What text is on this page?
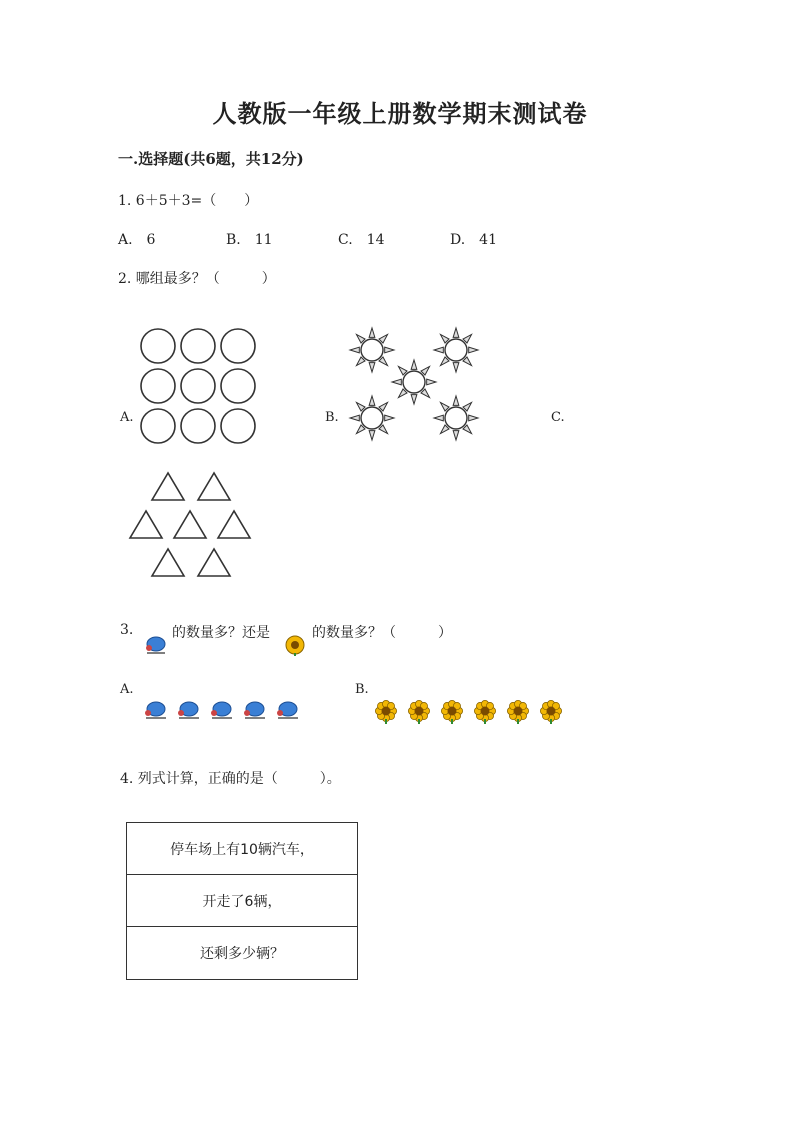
人教版一年级上册数学期末测试卷
一.选择题(共6题，共12分)
1. 6＋5＋3=（　　）
A.　6	B.　11	C.　14	D.　41
2. 哪组最多？（　　　）
A.	B.	C.
3.	的数量多？还是	的数量多？（　　　）
A.	B.
4. 列式计算，正确的是（　　　）。
停车场上有10辆汽车，
开走了6辆，
还剩多少辆？
